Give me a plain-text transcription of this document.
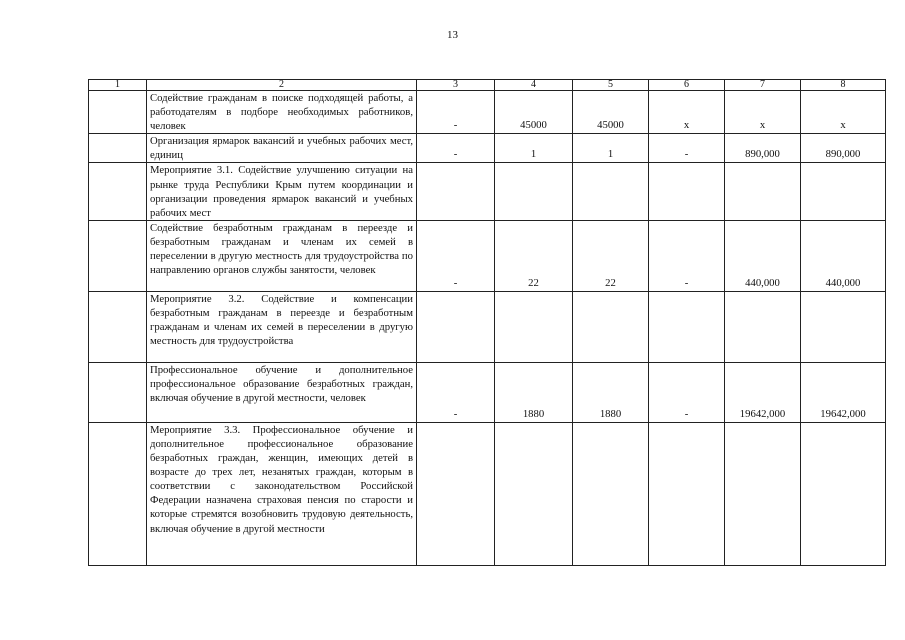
13
1	2	3	4	5	6	7	8
	Содействие гражданам в поиске подходящей работы, а работодателям в подборе необходимых работников, человек	-	45000	45000	х	х	х
	Организация ярмарок вакансий и учебных рабочих мест, единиц	-	1	1	-	890,000	890,000
	Мероприятие 3.1. Содействие улучшению ситуации на рынке труда Республики Крым путем координации и организации проведения ярмарок вакансий и учебных рабочих мест						
	Содействие безработным гражданам в переезде и безработным гражданам и членам их семей в переселении в другую местность для трудоустройства по направлению органов службы занятости, человек	-	22	22	-	440,000	440,000
	Мероприятие 3.2. Содействие и компенсации безработным гражданам в переезде и безработным гражданам и членам их семей в переселении в другую местность для трудоустройства						
	Профессиональное обучение и дополнительное профессиональное образование безработных граждан, включая обучение в другой местности, человек	-	1880	1880	-	19642,000	19642,000
	Мероприятие 3.3. Профессиональное обучение и дополнительное профессиональное образование безработных граждан, женщин, имеющих детей в возрасте до трех лет, незанятых граждан, которым в соответствии с законодательством Российской Федерации назначена страховая пенсия по старости и которые стремятся возобновить трудовую деятельность, включая обучение в другой местности						
